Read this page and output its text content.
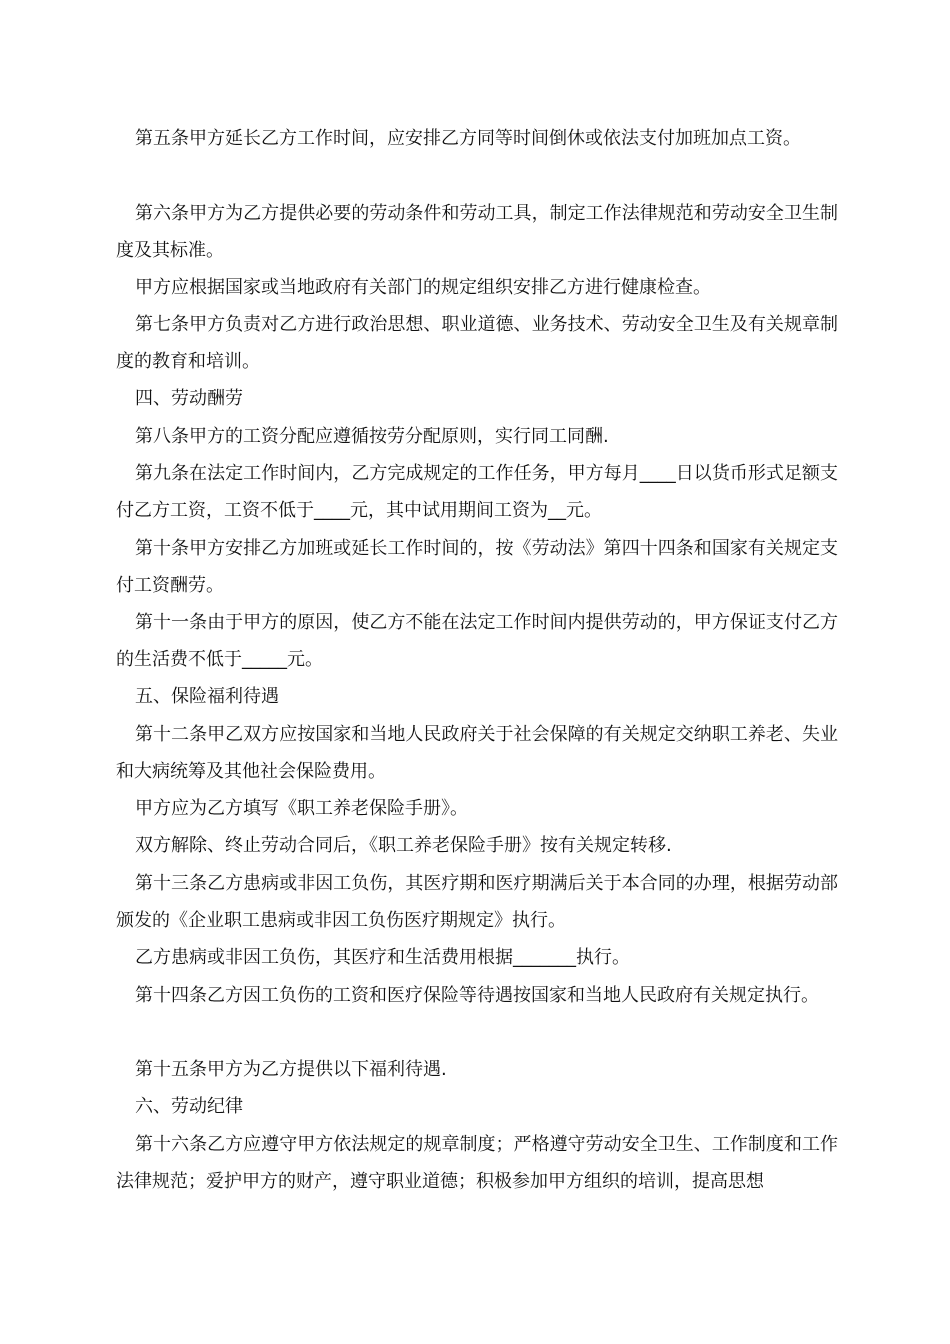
第五条甲方延长乙方工作时间，应安排乙方同等时间倒休或依法支付加班加点工资。

第六条甲方为乙方提供必要的劳动条件和劳动工具，制定工作法律规范和劳动安全卫生制度及其标准。

甲方应根据国家或当地政府有关部门的规定组织安排乙方进行健康检查。

第七条甲方负责对乙方进行政治思想、职业道德、业务技术、劳动安全卫生及有关规章制度的教育和培训。

四、劳动酬劳

第八条甲方的工资分配应遵循按劳分配原则，实行同工同酬.

第九条在法定工作时间内，乙方完成规定的工作任务，甲方每月____日以货币形式足额支付乙方工资，工资不低于____元，其中试用期间工资为__元。

第十条甲方安排乙方加班或延长工作时间的，按《劳动法》第四十四条和国家有关规定支付工资酬劳。

第十一条由于甲方的原因，使乙方不能在法定工作时间内提供劳动的，甲方保证支付乙方的生活费不低于_____元。

五、保险福利待遇

第十二条甲乙双方应按国家和当地人民政府关于社会保障的有关规定交纳职工养老、失业和大病统筹及其他社会保险费用。

甲方应为乙方填写《职工养老保险手册》。

双方解除、终止劳动合同后，《职工养老保险手册》按有关规定转移.

第十三条乙方患病或非因工负伤，其医疗期和医疗期满后关于本合同的办理，根据劳动部颁发的《企业职工患病或非因工负伤医疗期规定》执行。

乙方患病或非因工负伤，其医疗和生活费用根据_______执行。

第十四条乙方因工负伤的工资和医疗保险等待遇按国家和当地人民政府有关规定执行。

第十五条甲方为乙方提供以下福利待遇.

六、劳动纪律

第十六条乙方应遵守甲方依法规定的规章制度；严格遵守劳动安全卫生、工作制度和工作法律规范；爱护甲方的财产，遵守职业道德；积极参加甲方组织的培训，提高思想
